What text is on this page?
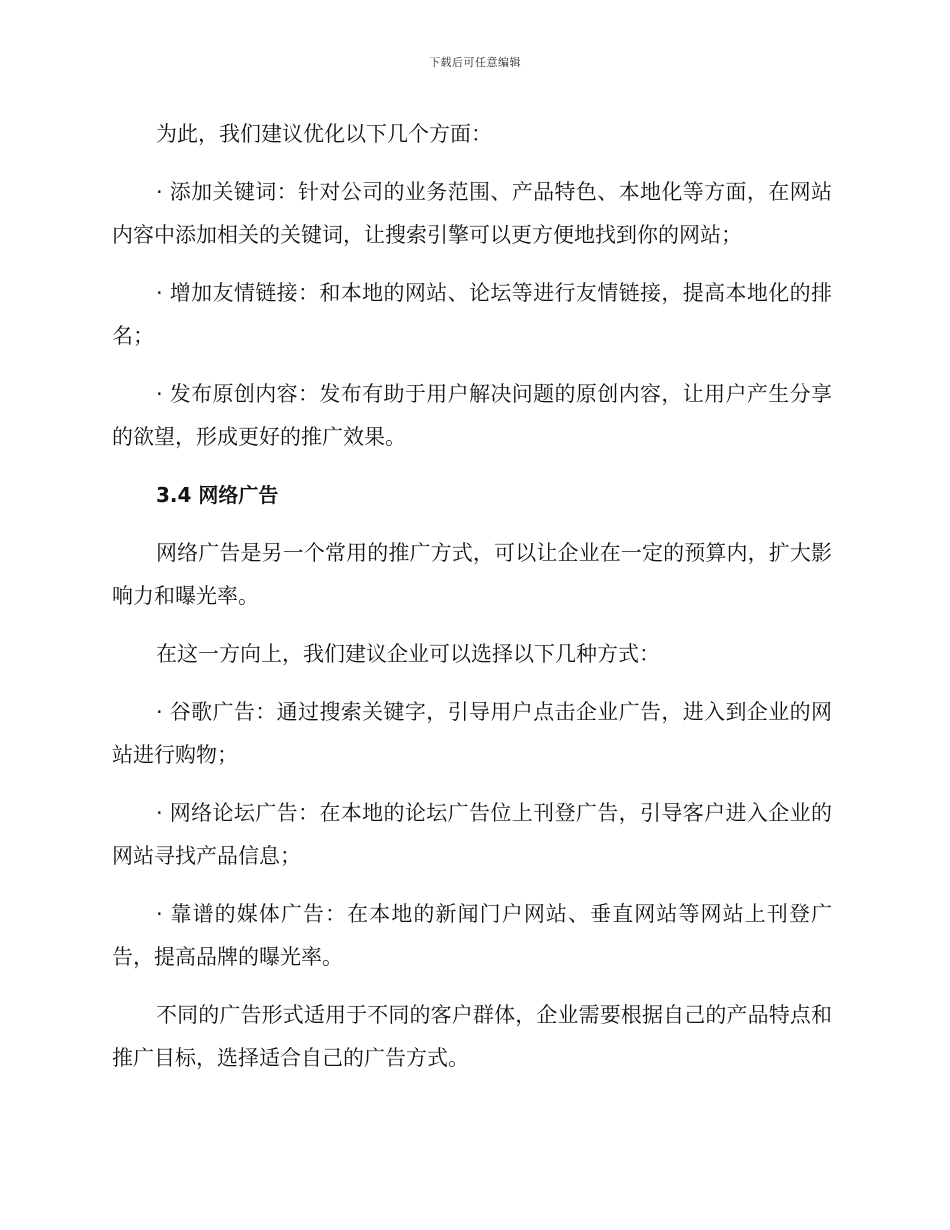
下载后可任意编辑

为此，我们建议优化以下几个方面：

· 添加关键词：针对公司的业务范围、产品特色、本地化等方面，在网站内容中添加相关的关键词，让搜索引擎可以更方便地找到你的网站；

· 增加友情链接：和本地的网站、论坛等进行友情链接，提高本地化的排名；

· 发布原创内容：发布有助于用户解决问题的原创内容，让用户产生分享的欲望，形成更好的推广效果。

3.4 网络广告

网络广告是另一个常用的推广方式，可以让企业在一定的预算内，扩大影响力和曝光率。

在这一方向上，我们建议企业可以选择以下几种方式：

· 谷歌广告：通过搜索关键字，引导用户点击企业广告，进入到企业的网站进行购物；

· 网络论坛广告：在本地的论坛广告位上刊登广告，引导客户进入企业的网站寻找产品信息；

· 靠谱的媒体广告：在本地的新闻门户网站、垂直网站等网站上刊登广告，提高品牌的曝光率。

不同的广告形式适用于不同的客户群体，企业需要根据自己的产品特点和推广目标，选择适合自己的广告方式。
